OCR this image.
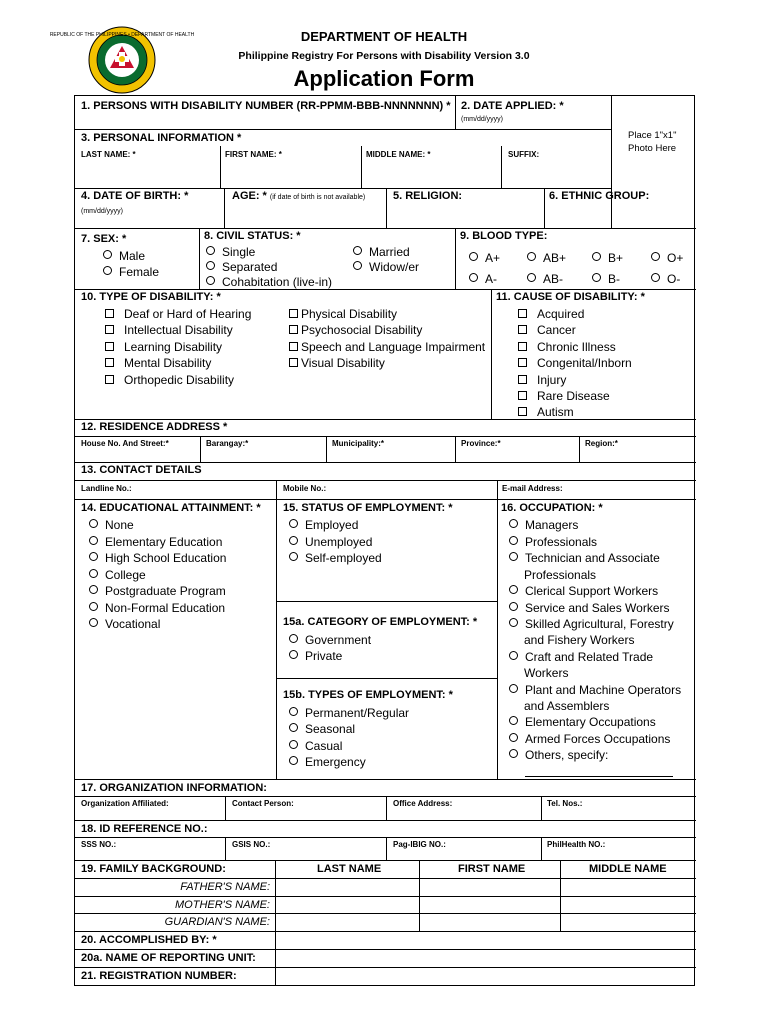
REPUBLIC OF THE PHILIPPINES • DEPARTMENT OF HEALTH	DEPARTMENT OF HEALTH
Philippine Registry For Persons with Disability Version 3.0
Application Form
1. PERSONS WITH DISABILITY NUMBER (RR-PPMM-BBB-NNNNNNN) * 2. DATE APPLIED: *
(mm/dd/yyyy)
Place 1"x1"
Photo Here
3. PERSONAL INFORMATION *
LAST NAME: *	FIRST NAME: *	MIDDLE NAME: *	SUFFIX:
4. DATE OF BIRTH: *
(mm/dd/yyyy)
AGE: * (if date of birth is not available)	5. RELIGION:	6. ETHNIC GROUP:
7. SEX: *
Male
Female
8. CIVIL STATUS: *
Single
Separated
Cohabitation (live-in)
Married
Widow/er
9. BLOOD TYPE:
A+	AB+	B+	O+
A-	AB-	B-	O-
10. TYPE OF DISABILITY: *
Deaf or Hard of Hearing
Intellectual Disability
Learning Disability
Mental Disability
Orthopedic Disability
Physical Disability
Psychosocial Disability
Speech and Language Impairment
Visual Disability
11. CAUSE OF DISABILITY: *
Acquired
Cancer
Chronic Illness
Congenital/Inborn
Injury
Rare Disease
Autism
12. RESIDENCE ADDRESS *
House No. And Street:*	Barangay:*	Municipality:*	Province:*	Region:*
13. CONTACT DETAILS
Landline No.:	Mobile No.:	E-mail Address:
14. EDUCATIONAL ATTAINMENT: *
None
Elementary Education
High School Education
College
Postgraduate Program
Non-Formal Education
Vocational
15. STATUS OF EMPLOYMENT: *
Employed
Unemployed
Self-employed
15a. CATEGORY OF EMPLOYMENT: *
Government
Private
15b. TYPES OF EMPLOYMENT: *
Permanent/Regular
Seasonal
Casual
Emergency
16. OCCUPATION: *
Managers
Professionals
Technician and Associate
Professionals
Clerical Support Workers
Service and Sales Workers
Skilled Agricultural, Forestry
and Fishery Workers
Craft and Related Trade
Workers
Plant and Machine Operators
and Assemblers
Elementary Occupations
Armed Forces Occupations
Others, specify:
17. ORGANIZATION INFORMATION:
Organization Affiliated:	Contact Person:	Office Address:	Tel. Nos.:
18. ID REFERENCE NO.:
SSS NO.:	GSIS NO.:	Pag-IBIG NO.:	PhilHealth NO.:
19. FAMILY BACKGROUND:	LAST NAME	FIRST NAME	MIDDLE NAME
FATHER'S NAME:
MOTHER'S NAME:
GUARDIAN'S NAME:
20. ACCOMPLISHED BY: *
20a. NAME OF REPORTING UNIT:
21. REGISTRATION NUMBER:
